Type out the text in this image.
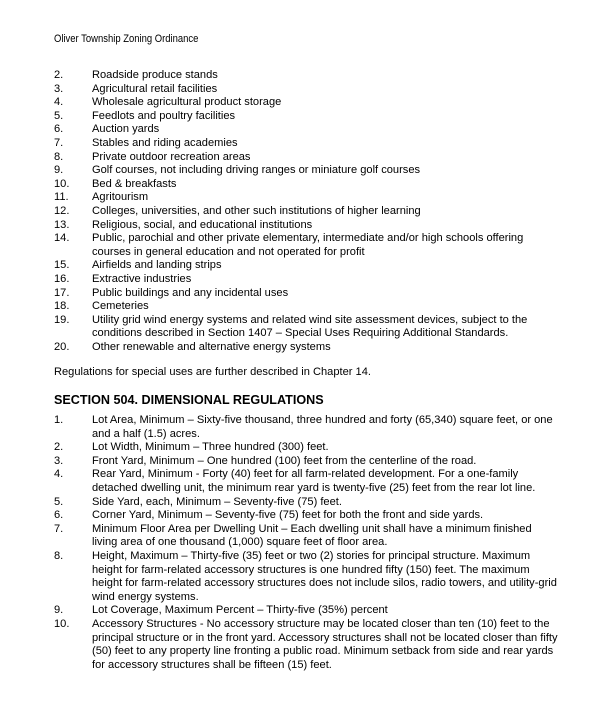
Oliver Township Zoning Ordinance
2.	Roadside produce stands
3.	Agricultural retail facilities
4.	Wholesale agricultural product storage
5.	Feedlots and poultry facilities
6.	Auction yards
7.	Stables and riding academies
8.	Private outdoor recreation areas
9.	Golf courses, not including driving ranges or miniature golf courses
10.	Bed & breakfasts
11.	Agritourism
12.	Colleges, universities, and other such institutions of higher learning
13.	Religious, social, and educational institutions
14.	Public, parochial and other private elementary, intermediate and/or high schools offering courses in general education and not operated for profit
15.	Airfields and landing strips
16.	Extractive industries
17.	Public buildings and any incidental uses
18.	Cemeteries
19.	Utility grid wind energy systems and related wind site assessment devices, subject to the conditions described in Section 1407 – Special Uses Requiring Additional Standards.
20.	Other renewable and alternative energy systems
Regulations for special uses are further described in Chapter 14.
SECTION 504. DIMENSIONAL REGULATIONS
1.	Lot Area, Minimum – Sixty-five thousand, three hundred and forty (65,340) square feet, or one and a half (1.5) acres.
2.	Lot Width, Minimum – Three hundred (300) feet.
3.	Front Yard, Minimum – One hundred (100) feet from the centerline of the road.
4.	Rear Yard, Minimum - Forty (40) feet for all farm-related development. For a one-family detached dwelling unit, the minimum rear yard is twenty-five (25) feet from the rear lot line.
5.	Side Yard, each, Minimum – Seventy-five (75) feet.
6.	Corner Yard, Minimum – Seventy-five (75) feet for both the front and side yards.
7.	Minimum Floor Area per Dwelling Unit – Each dwelling unit shall have a minimum finished living area of one thousand (1,000) square feet of floor area.
8.	Height, Maximum – Thirty-five (35) feet or two (2) stories for principal structure. Maximum height for farm-related accessory structures is one hundred fifty (150) feet. The maximum height for farm-related accessory structures does not include silos, radio towers, and utility-grid wind energy systems.
9.	Lot Coverage, Maximum Percent – Thirty-five (35%) percent
10.	Accessory Structures - No accessory structure may be located closer than ten (10) feet to the principal structure or in the front yard. Accessory structures shall not be located closer than fifty (50) feet to any property line fronting a public road. Minimum setback from side and rear yards for accessory structures shall be fifteen (15) feet.
